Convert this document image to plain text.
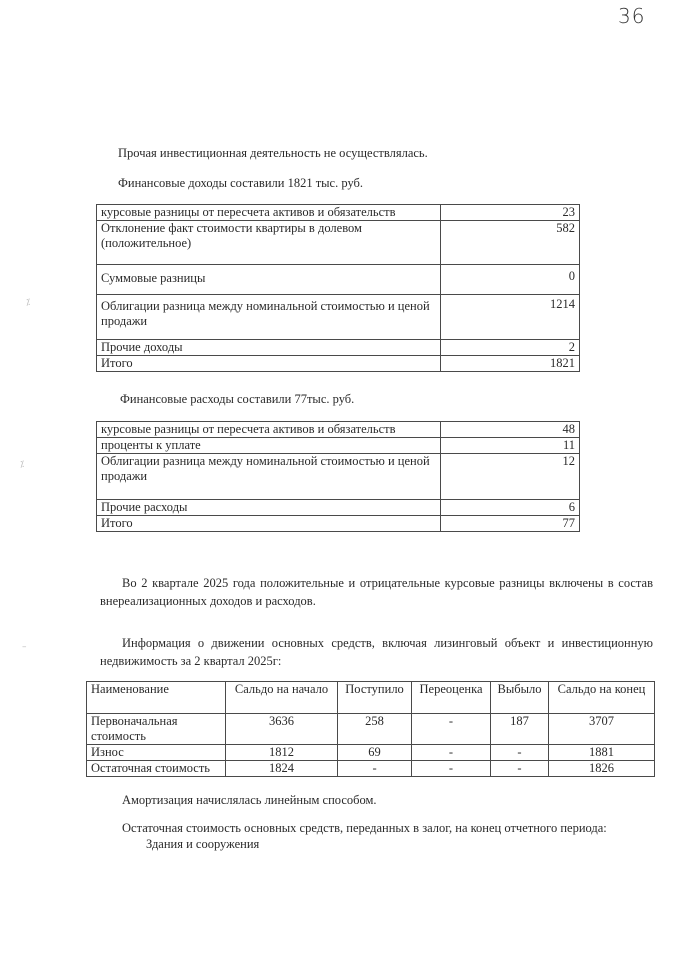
36
⁒
⁒
–
Прочая инвестиционная деятельность не осуществлялась.
Финансовые доходы составили 1821 тыс. руб.
курсовые разницы от пересчета активов и обязательств	23
Отклонение факт стоимости квартиры в долевом (положительное)	582
Суммовые разницы	0
Облигации разница между номинальной стоимостью и ценой продажи	1214
Прочие доходы	2
Итого	1821
Финансовые расходы составили 77тыс. руб.
курсовые разницы от пересчета активов и обязательств	48
проценты к уплате	11
Облигации разница между номинальной стоимостью и ценой продажи	12
Прочие расходы	6
Итого	77
Во 2 квартале 2025 года положительные и отрицательные курсовые разницы включены в состав внереализационных доходов и расходов.
Информация о движении основных средств, включая лизинговый объект и инвестиционную недвижимость за 2 квартал 2025г:
Наименование	Сальдо на начало	Поступило	Переоценка	Выбыло	Сальдо на конец
Первоначальная стоимость	3636	258	-	187	3707
Износ	1812	69	-	-	1881
Остаточная стоимость	1824	-	-	-	1826
Амортизация начислялась линейным способом.
Остаточная стоимость основных средств, переданных в залог, на конец отчетного периода:
Здания и сооружения
